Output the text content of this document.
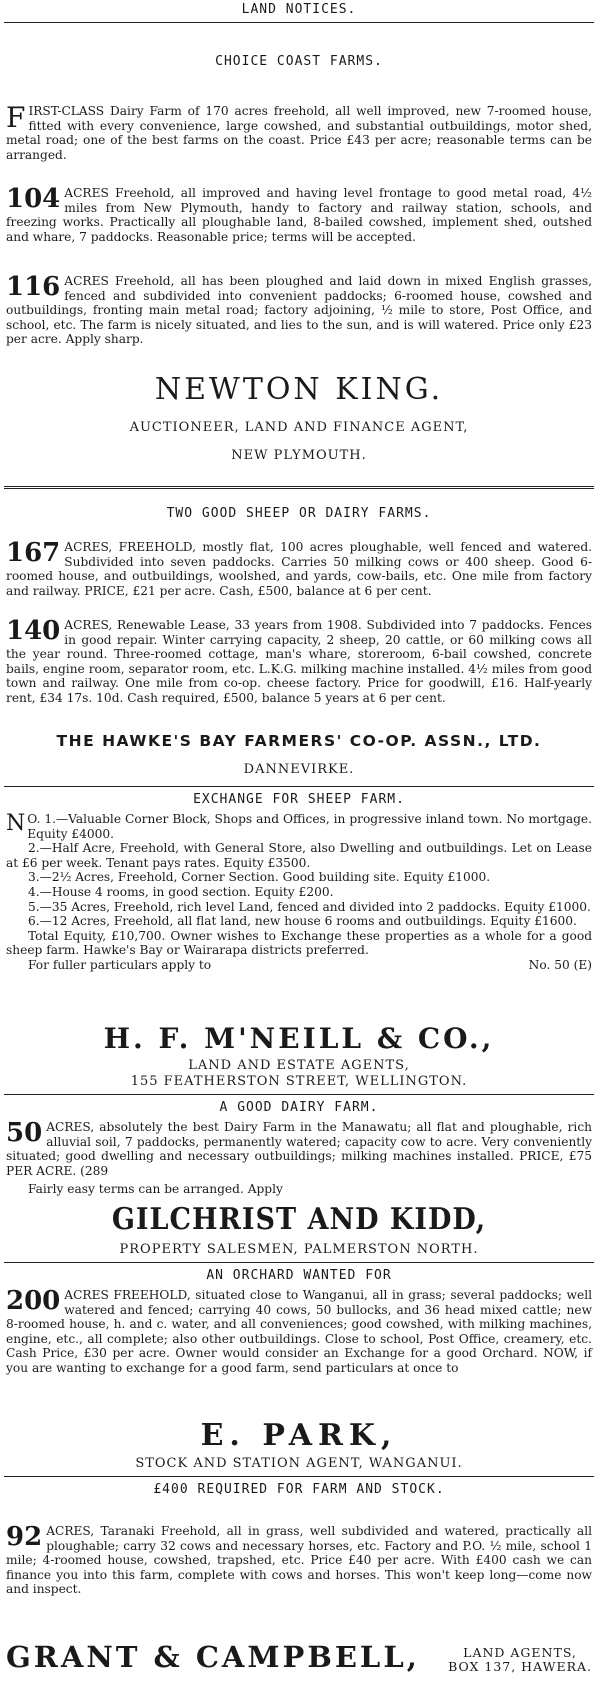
LAND NOTICES.
CHOICE COAST FARMS.
FIRST-CLASS Dairy Farm of 170 acres freehold, all well improved, new 7-roomed house, fitted with every convenience, large cowshed, and substantial outbuildings, motor shed, metal road; one of the best farms on the coast. Price £43 per acre; reasonable terms can be arranged.
104 ACRES Freehold, all improved and having level frontage to good metal road, 4½ miles from New Plymouth, handy to factory and railway station, schools, and freezing works. Practically all ploughable land, 8-bailed cowshed, implement shed, outshed and whare, 7 paddocks. Reasonable price; terms will be accepted.
116 ACRES Freehold, all has been ploughed and laid down in mixed English grasses, fenced and subdivided into convenient paddocks; 6-roomed house, cowshed and outbuildings, fronting main metal road; factory adjoining, ½ mile to store, Post Office, and school, etc. The farm is nicely situated, and lies to the sun, and is will watered. Price only £23 per acre. Apply sharp.
NEWTON KING.
AUCTIONEER, LAND AND FINANCE AGENT,
NEW PLYMOUTH.
TWO GOOD SHEEP OR DAIRY FARMS.
167 ACRES, FREEHOLD, mostly flat, 100 acres ploughable, well fenced and watered. Subdivided into seven paddocks. Carries 50 milking cows or 400 sheep. Good 6-roomed house, and outbuildings, woolshed, and yards, cow-bails, etc. One mile from factory and railway. PRICE, £21 per acre. Cash, £500, balance at 6 per cent.
140 ACRES, Renewable Lease, 33 years from 1908. Subdivided into 7 paddocks. Fences in good repair. Winter carrying capacity, 2 sheep, 20 cattle, or 60 milking cows all the year round. Three-roomed cottage, man's whare, storeroom, 6-bail cowshed, concrete bails, engine room, separator room, etc. L.K.G. milking machine installed. 4½ miles from good town and railway. One mile from co-op. cheese factory. Price for goodwill, £16. Half-yearly rent, £34 17s. 10d. Cash required, £500, balance 5 years at 6 per cent.
THE HAWKE'S BAY FARMERS' CO-OP. ASSN., LTD.
DANNEVIRKE.
EXCHANGE FOR SHEEP FARM.
N O. 1.—Valuable Corner Block, Shops and Offices, in progressive inland town. No mortgage. Equity £4000.
2.—Half Acre, Freehold, with General Store, also Dwelling and outbuildings. Let on Lease at £6 per week. Tenant pays rates. Equity £3500.
3.—2½ Acres, Freehold, Corner Section. Good building site. Equity £1000.
4.—House 4 rooms, in good section. Equity £200.
5.—35 Acres, Freehold, rich level Land, fenced and divided into 2 paddocks. Equity £1000.
6.—12 Acres, Freehold, all flat land, new house 6 rooms and outbuildings. Equity £1600.
Total Equity, £10,700. Owner wishes to Exchange these properties as a whole for a good sheep farm. Hawke's Bay or Wairarapa districts preferred.
For fuller particulars apply to	No. 50 (E)
H. F. M'NEILL & CO.,
LAND AND ESTATE AGENTS,
155 FEATHERSTON STREET, WELLINGTON.
A GOOD DAIRY FARM.
50 ACRES, absolutely the best Dairy Farm in the Manawatu; all flat and ploughable, rich alluvial soil, 7 paddocks, permanently watered; capacity cow to acre. Very conveniently situated; good dwelling and necessary outbuildings; milking machines installed. PRICE, £75 PER ACRE. (289
Fairly easy terms can be arranged. Apply
GILCHRIST AND KIDD,
PROPERTY SALESMEN, PALMERSTON NORTH.
AN ORCHARD WANTED FOR
200 ACRES FREEHOLD, situated close to Wanganui, all in grass; several paddocks; well watered and fenced; carrying 40 cows, 50 bullocks, and 36 head mixed cattle; new 8-roomed house, h. and c. water, and all conveniences; good cowshed, with milking machines, engine, etc., all complete; also other outbuildings. Close to school, Post Office, creamery, etc. Cash Price, £30 per acre. Owner would consider an Exchange for a good Orchard. NOW, if you are wanting to exchange for a good farm, send particulars at once to
E. PARK,
STOCK AND STATION AGENT, WANGANUI.
£400 REQUIRED FOR FARM AND STOCK.
92 ACRES, Taranaki Freehold, all in grass, well subdivided and watered, practically all ploughable; carry 32 cows and necessary horses, etc. Factory and P.O. ½ mile, school 1 mile; 4-roomed house, cowshed, trapshed, etc. Price £40 per acre. With £400 cash we can finance you into this farm, complete with cows and horses. This won't keep long—come now and inspect.
GRANT & CAMPBELL,	LAND AGENTS,
BOX 137, HAWERA.
